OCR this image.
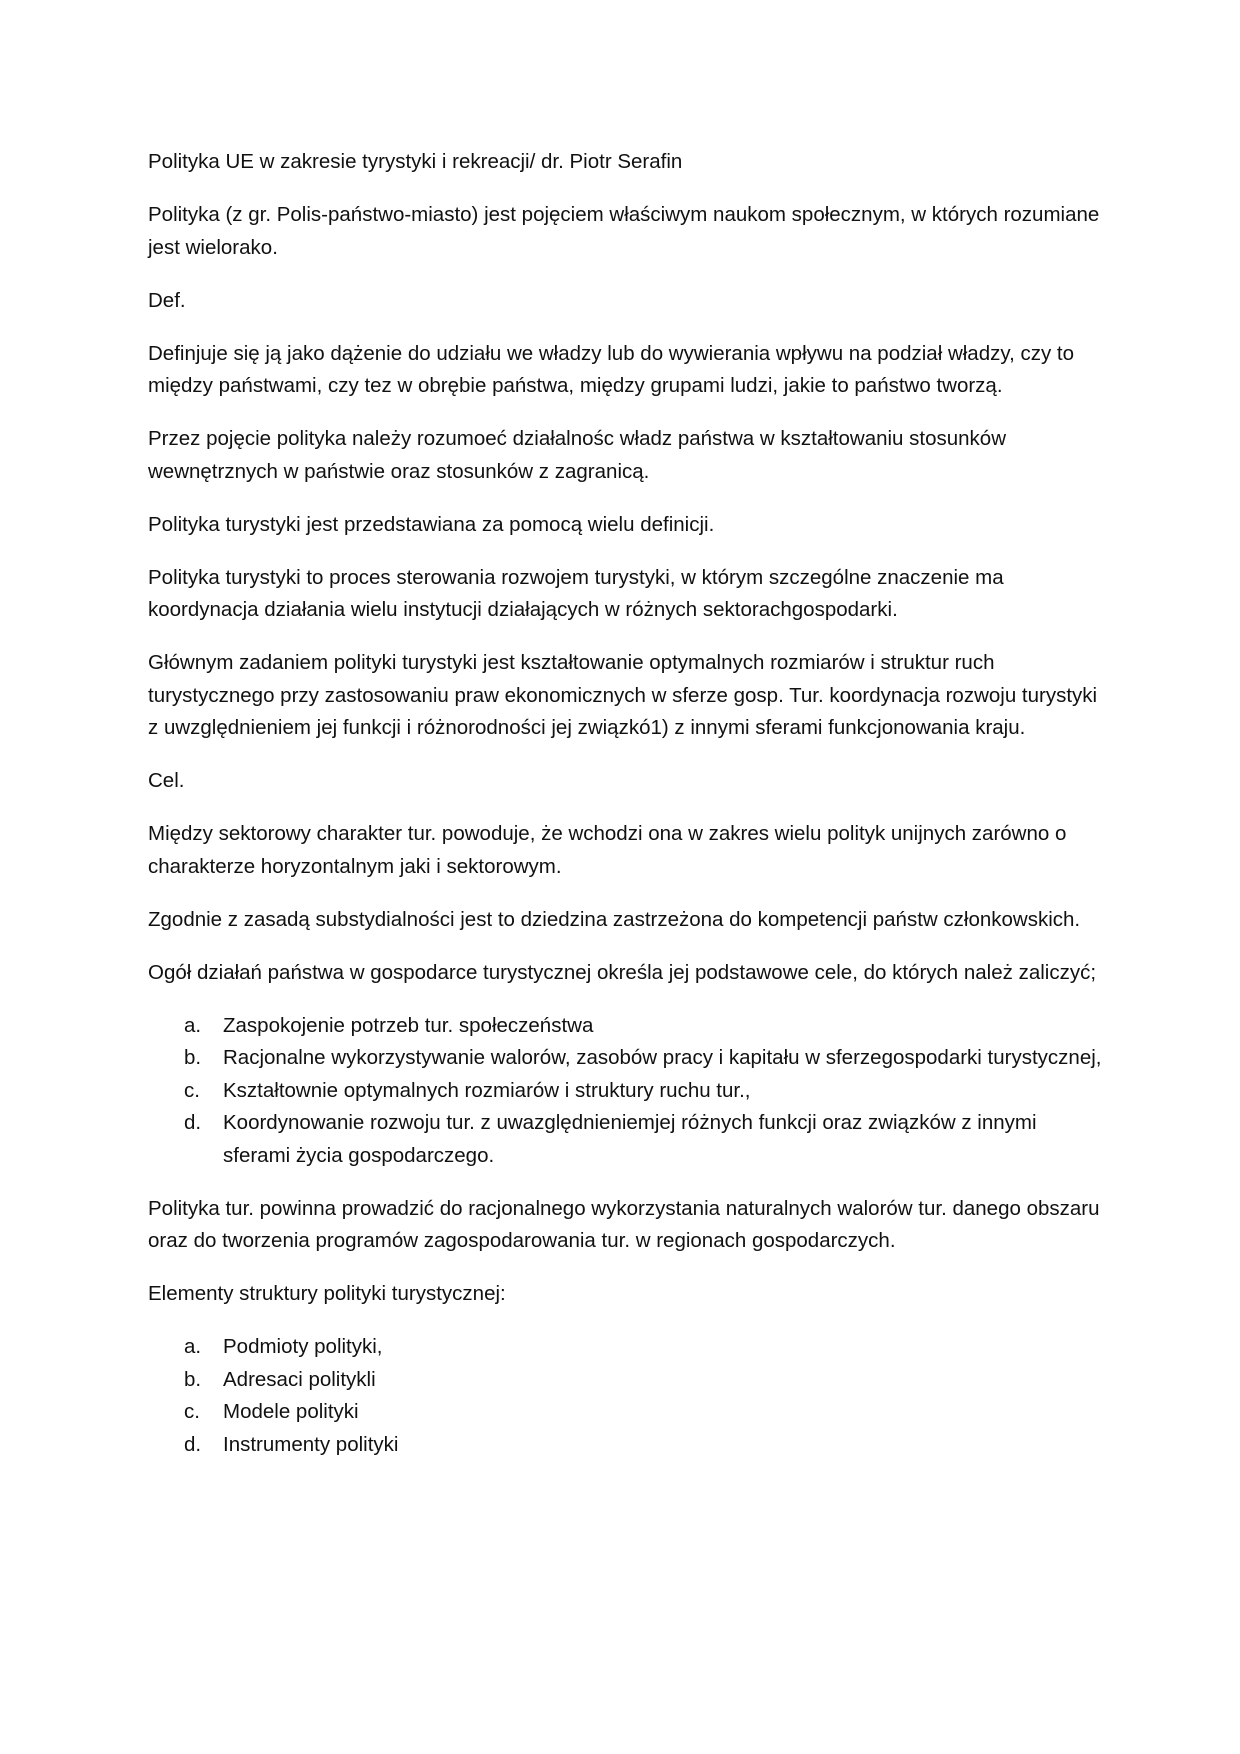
Polityka UE w zakresie tyrystyki i rekreacji/ dr. Piotr Serafin

Polityka (z gr. Polis-państwo-miasto) jest pojęciem właściwym naukom społecznym, w których rozumiane jest wielorako.

Def.

Definjuje się ją jako dążenie do udziału we władzy lub do wywierania wpływu na podział władzy, czy to między państwami, czy tez w obrębie państwa, między grupami ludzi, jakie to państwo tworzą.

Przez pojęcie polityka należy rozumoeć działalnośc władz państwa w kształtowaniu stosunków wewnętrznych w państwie oraz stosunków z zagranicą.

Polityka turystyki jest przedstawiana za pomocą wielu definicji.

Polityka turystyki to proces sterowania rozwojem turystyki, w którym szczególne znaczenie ma koordynacja działania wielu instytucji działających w różnych sektorachgospodarki.

Głównym zadaniem polityki turystyki jest kształtowanie optymalnych rozmiarów i struktur ruch turystycznego przy zastosowaniu praw ekonomicznych w sferze gosp. Tur. koordynacja rozwoju turystyki z uwzględnieniem jej funkcji i różnorodności jej związkó1) z innymi sferami funkcjonowania kraju.

Cel.

Między sektorowy charakter tur. powoduje, że wchodzi ona w zakres wielu polityk unijnych zarówno o charakterze horyzontalnym jaki i sektorowym.

Zgodnie z zasadą substydialności jest to dziedzina zastrzeżona do kompetencji państw członkowskich.

Ogół działań państwa w gospodarce turystycznej określa jej podstawowe cele, do których należ zaliczyć;

a. Zaspokojenie potrzeb tur. społeczeństwa
b. Racjonalne wykorzystywanie walorów, zasobów pracy i kapitału w sferzegospodarki turystycznej,
c. Kształtownie optymalnych rozmiarów i struktury ruchu tur.,
d. Koordynowanie rozwoju tur. z uwazględnieniemjej różnych funkcji oraz związków z innymi sferami życia gospodarczego.

Polityka tur. powinna prowadzić do racjonalnego wykorzystania naturalnych walorów tur. danego obszaru oraz do tworzenia programów zagospodarowania tur. w regionach gospodarczych.

Elementy struktury polityki turystycznej:

a. Podmioty polityki,
b. Adresaci politykli
c. Modele polityki
d. Instrumenty polityki
